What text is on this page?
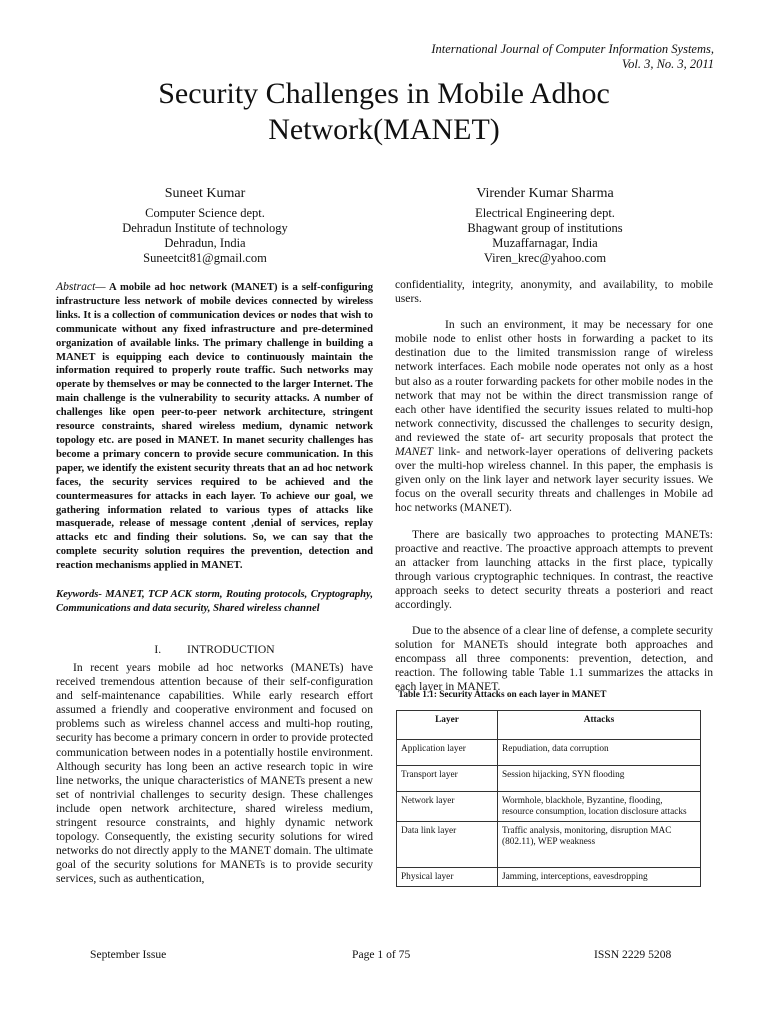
International Journal of Computer Information Systems,
Vol. 3, No. 3, 2011
Security Challenges in Mobile Adhoc
Network(MANET)
Suneet Kumar
Computer Science dept.
Dehradun Institute of technology
Dehradun, India
Suneetcit81@gmail.com
Virender Kumar Sharma
Electrical Engineering dept.
Bhagwant group of institutions
Muzaffarnagar, India
Viren_krec@yahoo.com
Abstract— A mobile ad hoc network (MANET) is a self-configuring infrastructure less network of mobile devices connected by wireless links. It is a collection of communication devices or nodes that wish to communicate without any fixed infrastructure and pre-determined organization of available links. The primary challenge in building a MANET is equipping each device to continuously maintain the information required to properly route traffic. Such networks may operate by themselves or may be connected to the larger Internet. The main challenge is the vulnerability to security attacks. A number of challenges like open peer-to-peer network architecture, stringent resource constraints, shared wireless medium, dynamic network topology etc. are posed in MANET. In manet security challenges has become a primary concern to provide secure communication. In this paper, we identify the existent security threats that an ad hoc network faces, the security services required to be achieved and the countermeasures for attacks in each layer. To achieve our goal, we gathering information related to various types of attacks like masquerade, release of message content ,denial of services, replay attacks etc and finding their solutions. So, we can say that the complete security solution requires the prevention, detection and reaction mechanisms applied in MANET.
Keywords- MANET, TCP ACK storm, Routing protocols, Cryptography, Communications and data security, Shared wireless channel
I. INTRODUCTION

In recent years mobile ad hoc networks (MANETs) have received tremendous attention because of their self-configuration and self-maintenance capabilities. While early research effort assumed a friendly and cooperative environment and focused on problems such as wireless channel access and multi-hop routing, security has become a primary concern in order to provide protected communication between nodes in a potentially hostile environment. Although security has long been an active research topic in wire line networks, the unique characteristics of MANETs present a new set of nontrivial challenges to security design. These challenges include open network architecture, shared wireless medium, stringent resource constraints, and highly dynamic network topology. Consequently, the existing security solutions for wired networks do not directly apply to the MANET domain. The ultimate goal of the security solutions for MANETs is to provide security services, such as authentication,

confidentiality, integrity, anonymity, and availability, to mobile users.

In such an environment, it may be necessary for one mobile node to enlist other hosts in forwarding a packet to its destination due to the limited transmission range of wireless network interfaces. Each mobile node operates not only as a host but also as a router forwarding packets for other mobile nodes in the network that may not be within the direct transmission range of each other have identified the security issues related to multi-hop network connectivity, discussed the challenges to security design, and reviewed the state of- art security proposals that protect the MANET link- and network-layer operations of delivering packets over the multi-hop wireless channel. In this paper, the emphasis is given only on the link layer and network layer security issues. We focus on the overall security threats and challenges in Mobile ad hoc networks (MANET).

There are basically two approaches to protecting MANETs: proactive and reactive. The proactive approach attempts to prevent an attacker from launching attacks in the first place, typically through various cryptographic techniques. In contrast, the reactive approach seeks to detect security threats a posteriori and react accordingly.

Due to the absence of a clear line of defense, a complete security solution for MANETs should integrate both approaches and encompass all three components: prevention, detection, and reaction. The following table Table 1.1 summarizes the attacks in each layer in MANET.

Table 1.1: Security Attacks on each layer in MANET
Layer	Attacks
Application layer	Repudiation, data corruption
Transport layer	Session hijacking, SYN flooding
Network layer	Wormhole, blackhole, Byzantine, flooding, resource consumption, location disclosure attacks
Data link layer	Traffic analysis, monitoring, disruption MAC (802.11), WEP weakness
Physical layer	Jamming, interceptions, eavesdropping
September Issue	Page 1 of 75	ISSN 2229 5208
